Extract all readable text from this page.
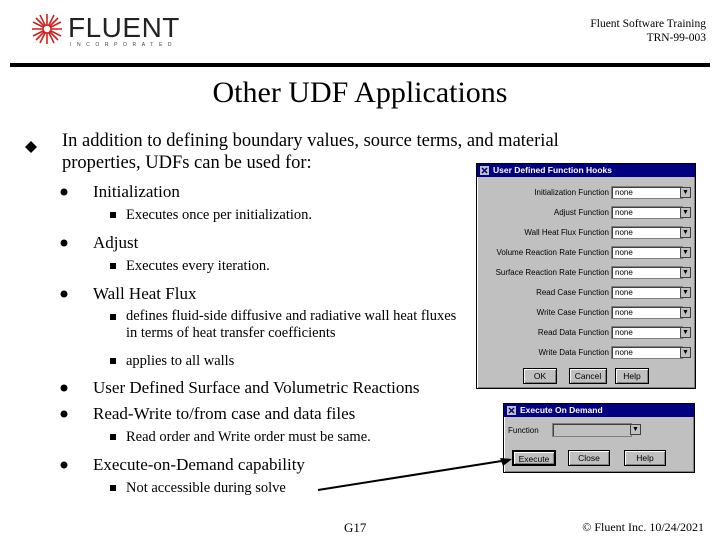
FLUENT
INCORPORATED
Fluent Software Training
TRN-99-003
Other UDF Applications
In addition to defining boundary values, source terms, and material properties, UDFs can be used for:
Initialization
Executes once per initialization.
Adjust
Executes every iteration.
Wall Heat Flux
defines fluid-side diffusive and radiative wall heat fluxes in terms of heat transfer coefficients
applies to all walls
User Defined Surface and Volumetric Reactions
Read-Write to/from case and data files
Read order and Write order must be same.
Execute-on-Demand capability
Not accessible during solve
User Defined Function Hooks
Initialization Function none	▼
Adjust Function none	▼
Wall Heat Flux Function none	▼
Volume Reaction Rate Function none	▼
Surface Reaction Rate Function none	▼
Read Case Function none	▼
Write Case Function none	▼
Read Data Function none	▼
Write Data Function none	▼
OK	Cancel	Help
Execute On Demand
Function	▼
Execute	Close	Help
G17	© Fluent Inc. 10/24/2021
